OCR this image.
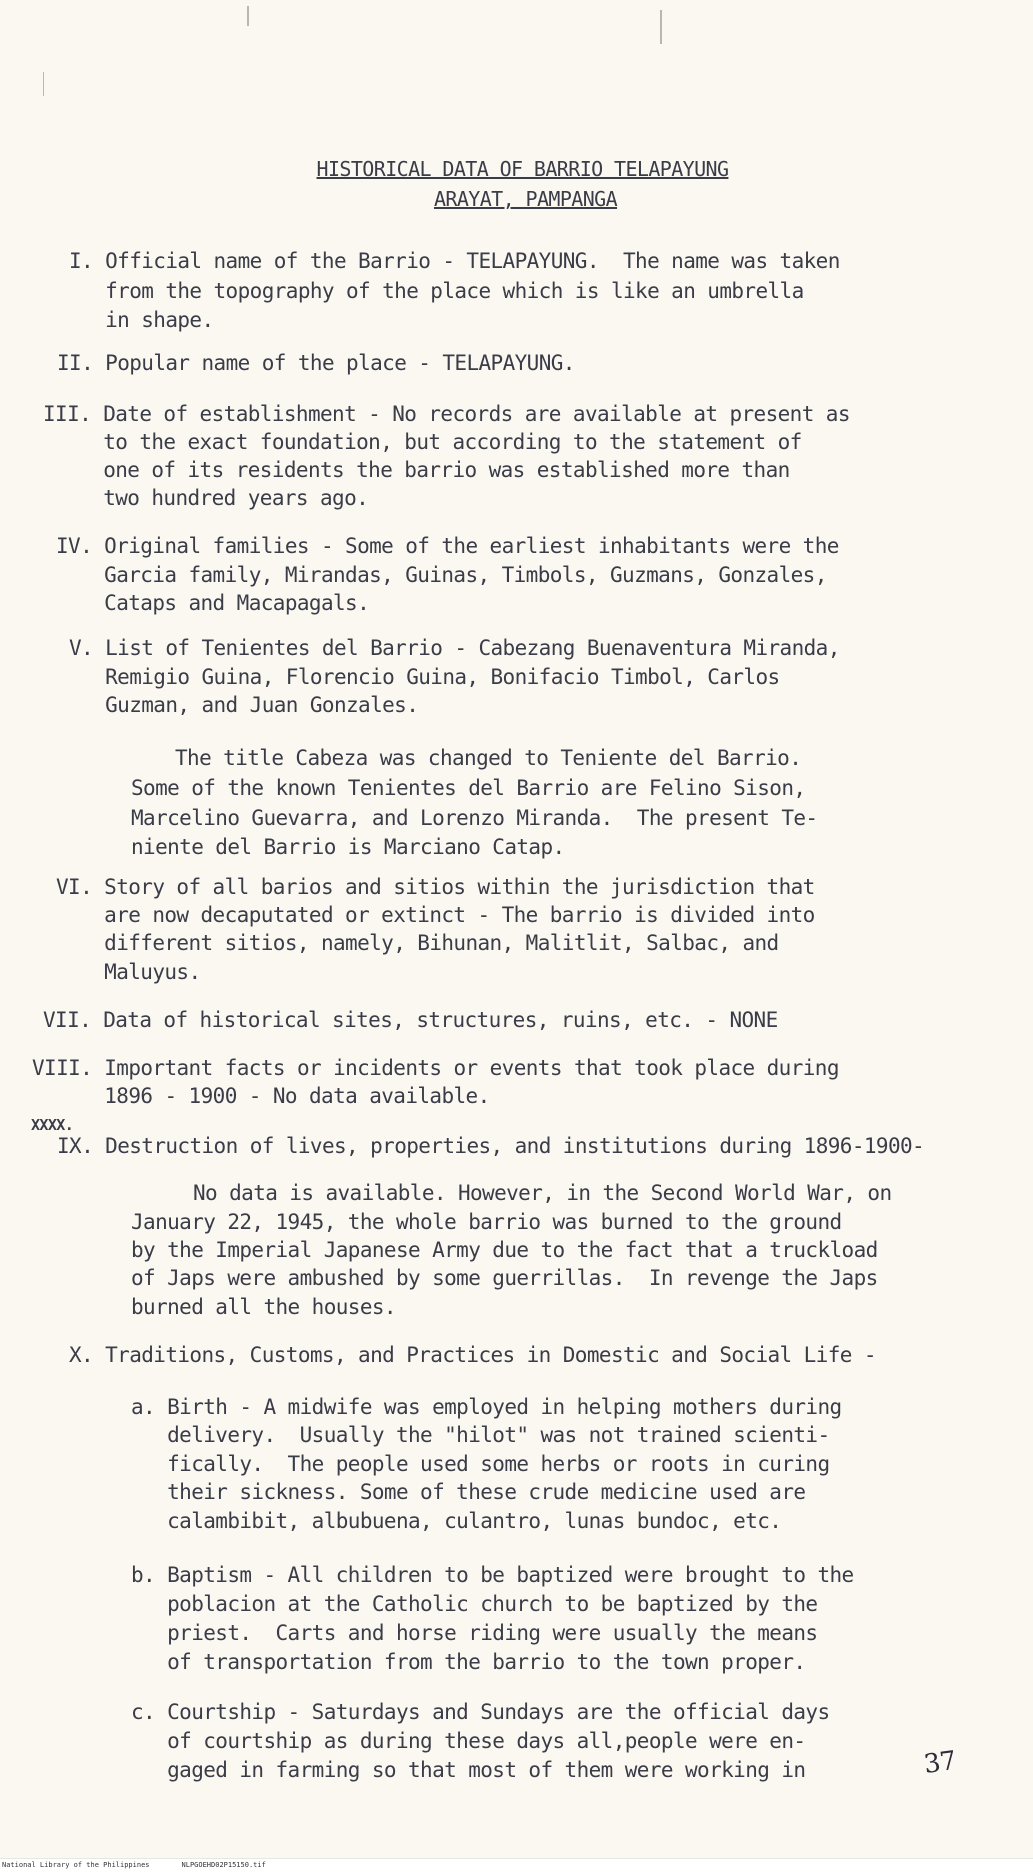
HISTORICAL DATA OF BARRIO TELAPAYUNG
ARAYAT, PAMPANGA
I. Official name of the Barrio - TELAPAYUNG.  The name was taken
from the topography of the place which is like an umbrella
in shape.
II. Popular name of the place - TELAPAYUNG.
III. Date of establishment - No records are available at present as
to the exact foundation, but according to the statement of
one of its residents the barrio was established more than
two hundred years ago.
IV. Original families - Some of the earliest inhabitants were the
Garcia family, Mirandas, Guinas, Timbols, Guzmans, Gonzales,
Cataps and Macapagals.
V. List of Tenientes del Barrio - Cabezang Buenaventura Miranda,
Remigio Guina, Florencio Guina, Bonifacio Timbol, Carlos
Guzman, and Juan Gonzales.
The title Cabeza was changed to Teniente del Barrio.
Some of the known Tenientes del Barrio are Felino Sison,
Marcelino Guevarra, and Lorenzo Miranda.  The present Te-
niente del Barrio is Marciano Catap.
VI. Story of all barios and sitios within the jurisdiction that
are now decaputated or extinct - The barrio is divided into
different sitios, namely, Bihunan, Malitlit, Salbac, and
Maluyus.
VII. Data of historical sites, structures, ruins, etc. - NONE
VIII. Important facts or incidents or events that took place during
1896 - 1900 - No data available.
XXXX.
IX. Destruction of lives, properties, and institutions during 1896-1900-
No data is available. However, in the Second World War, on
January 22, 1945, the whole barrio was burned to the ground
by the Imperial Japanese Army due to the fact that a truckload
of Japs were ambushed by some guerrillas.  In revenge the Japs
burned all the houses.
X. Traditions, Customs, and Practices in Domestic and Social Life -
a. Birth - A midwife was employed in helping mothers during
delivery.  Usually the "hilot" was not trained scienti-
fically.  The people used some herbs or roots in curing
their sickness. Some of these crude medicine used are
calambibit, albubuena, culantro, lunas bundoc, etc.
b. Baptism - All children to be baptized were brought to the
poblacion at the Catholic church to be baptized by the
priest.  Carts and horse riding were usually the means
of transportation from the barrio to the town proper.
c. Courtship - Saturdays and Sundays are the official days
of courtship as during these days all,people were en-
gaged in farming so that most of them were working in	37
National Library of the Philippines	NLPGOEHD02P15150.tif
